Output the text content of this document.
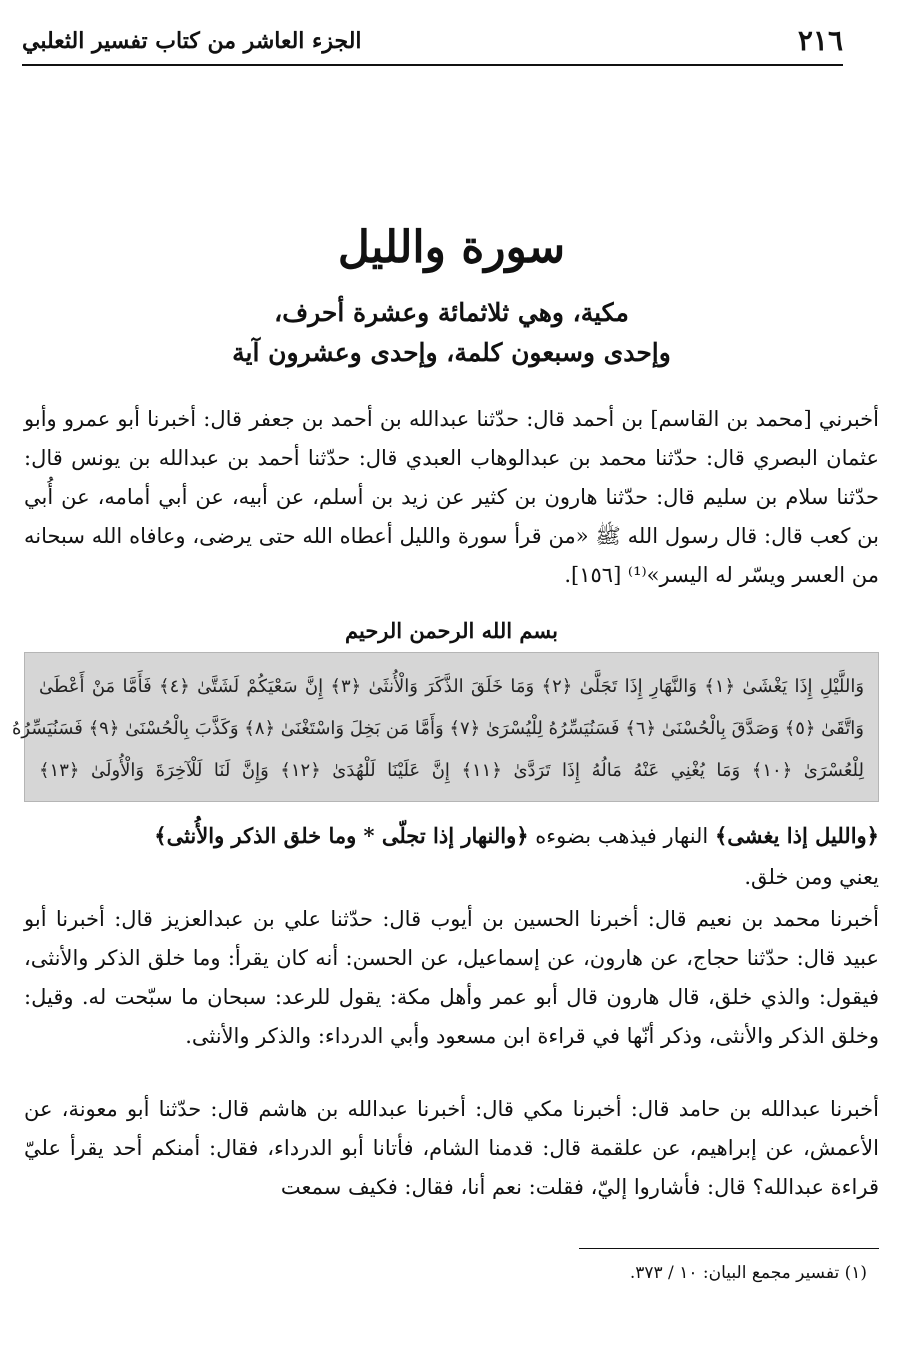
٢١٦
الجزء العاشر من كتاب تفسير الثعلبي
سورة والليل
مكية، وهي ثلاثمائة وعشرة أحرف،
وإحدى وسبعون كلمة، وإحدى وعشرون آية
أخبرني [محمد بن القاسم] بن أحمد قال: حدّثنا عبدالله بن أحمد بن جعفر قال: أخبرنا أبو عمرو وأبو عثمان البصري قال: حدّثنا محمد بن عبدالوهاب العبدي قال: حدّثنا أحمد بن عبدالله بن يونس قال: حدّثنا سلام بن سليم قال: حدّثنا هارون بن كثير عن زيد بن أسلم، عن أبيه، عن أبي أمامه، عن أُبي بن كعب قال: قال رسول الله ﷺ «من قرأ سورة والليل أعطاه الله حتى يرضى، وعافاه الله سبحانه من العسر ويسّر له اليسر»⁽¹⁾ [١٥٦].
بسم الله الرحمن الرحيم
وَاللَّيْلِ إِذَا يَغْشَىٰ ﴿١﴾ وَالنَّهَارِ إِذَا تَجَلَّىٰ ﴿٢﴾ وَمَا خَلَقَ الذَّكَرَ وَالْأُنثَىٰ ﴿٣﴾ إِنَّ سَعْيَكُمْ لَشَتَّىٰ ﴿٤﴾ فَأَمَّا مَنْ أَعْطَىٰ
وَاتَّقَىٰ ﴿٥﴾ وَصَدَّقَ بِالْحُسْنَىٰ ﴿٦﴾ فَسَنُيَسِّرُهُ لِلْيُسْرَىٰ ﴿٧﴾ وَأَمَّا مَن بَخِلَ وَاسْتَغْنَىٰ ﴿٨﴾ وَكَذَّبَ بِالْحُسْنَىٰ ﴿٩﴾ فَسَنُيَسِّرُهُ
لِلْعُسْرَىٰ ﴿١٠﴾ وَمَا يُغْنِي عَنْهُ مَالُهُ إِذَا تَرَدَّىٰ ﴿١١﴾ إِنَّ عَلَيْنَا لَلْهُدَىٰ ﴿١٢﴾ وَإِنَّ لَنَا لَلْآخِرَةَ وَالْأُولَىٰ ﴿١٣﴾
﴿والليل إذا يغشى﴾ النهار فيذهب بضوءه ﴿والنهار إذا تجلّى * وما خلق الذكر والأُنثى﴾
يعني ومن خلق.
أخبرنا محمد بن نعيم قال: أخبرنا الحسين بن أيوب قال: حدّثنا علي بن عبدالعزيز قال: أخبرنا أبو عبيد قال: حدّثنا حجاج، عن هارون، عن إسماعيل، عن الحسن: أنه كان يقرأ: وما خلق الذكر والأنثى، فيقول: والذي خلق، قال هارون قال أبو عمر وأهل مكة: يقول للرعد: سبحان ما سبّحت له. وقيل: وخلق الذكر والأنثى، وذكر أنّها في قراءة ابن مسعود وأبي الدرداء: والذكر والأنثى.
أخبرنا عبدالله بن حامد قال: أخبرنا مكي قال: أخبرنا عبدالله بن هاشم قال: حدّثنا أبو معونة، عن الأعمش، عن إبراهيم، عن علقمة قال: قدمنا الشام، فأتانا أبو الدرداء، فقال: أمنكم أحد يقرأ عليّ قراءة عبدالله؟ قال: فأشاروا إليّ، فقلت: نعم أنا، فقال: فكيف سمعت
(١) تفسير مجمع البيان: ١٠ / ٣٧٣.
